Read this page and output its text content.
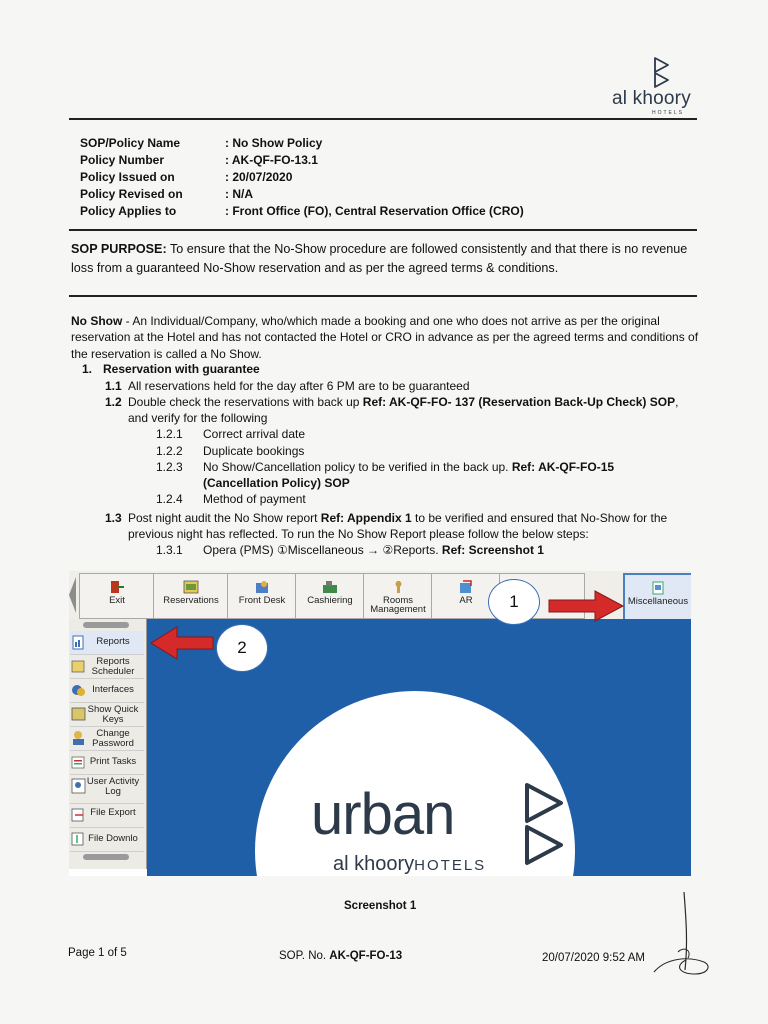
al khoory
HOTELS
SOP/Policy Name	: No Show Policy
Policy Number	: AK-QF-FO-13.1
Policy Issued on	: 20/07/2020
Policy Revised on	: N/A
Policy Applies to	: Front Office (FO), Central Reservation Office (CRO)
SOP PURPOSE: To ensure that the No-Show procedure are followed consistently and that there is no revenue loss from a guaranteed No-Show reservation and as per the agreed terms & conditions.
No Show - An Individual/Company, who/which made a booking and one who does not arrive as per the original reservation at the Hotel and has not contacted the Hotel or CRO in advance as per the agreed terms and conditions of the reservation is called a No Show.
1. Reservation with guarantee
1.1 All reservations held for the day after 6 PM are to be guaranteed
1.2 Double check the reservations with back up Ref: AK-QF-FO- 137 (Reservation Back-Up Check) SOP,
and verify for the following
1.2.1 Correct arrival date
1.2.2 Duplicate bookings
1.2.3 No Show/Cancellation policy to be verified in the back up. Ref: AK-QF-FO-15
(Cancellation Policy) SOP
1.2.4 Method of payment
1.3 Post night audit the No Show report Ref: Appendix 1 to be verified and ensured that No-Show for the
previous night has reflected. To run the No Show Report please follow the below steps:
1.3.1 Opera (PMS) ①Miscellaneous → ②Reports. Ref: Screenshot 1
Exit	Reservations	Front Desk	Cashiering	Rooms Management
AR	Miscellaneous
Reports
Reports Scheduler
Interfaces
Show Quick Keys
Change Password
Print Tasks
User Activity Log
File Export
File Downlo	urban
al khooryHOTELS
1
2
Screenshot 1
Page 1 of 5	SOP. No. AK-QF-FO-13	20/07/2020 9:52 AM
